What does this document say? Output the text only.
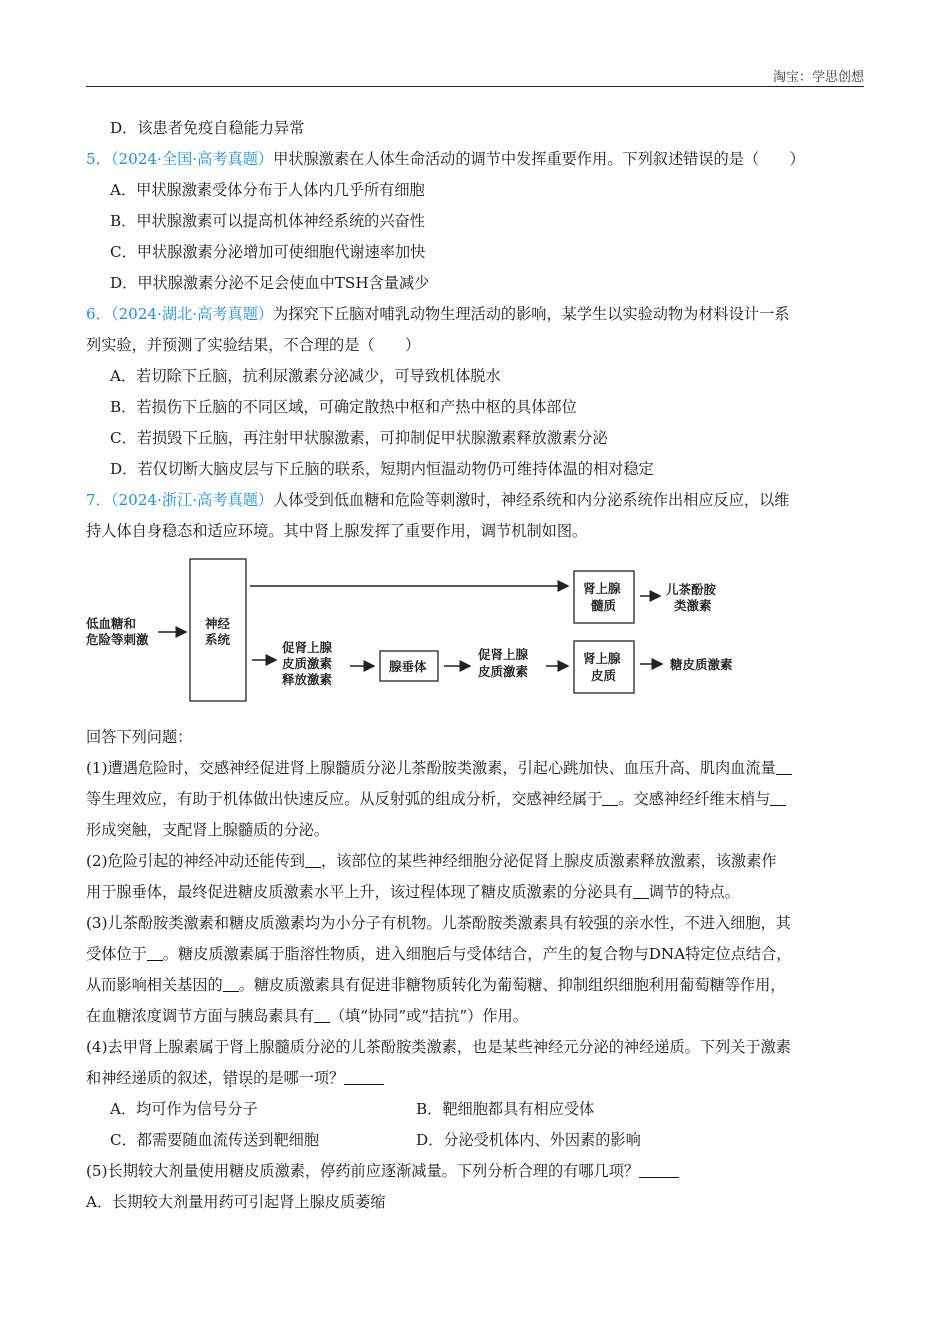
淘宝：学思创想
D．该患者免疫自稳能力异常
5．（2024·全国·高考真题）甲状腺激素在人体生命活动的调节中发挥重要作用。下列叙述错误的是（　　）
A．甲状腺激素受体分布于人体内几乎所有细胞
B．甲状腺激素可以提高机体神经系统的兴奋性
C．甲状腺激素分泌增加可使细胞代谢速率加快
D．甲状腺激素分泌不足会使血中TSH含量减少
6．（2024·湖北·高考真题）为探究下丘脑对哺乳动物生理活动的影响，某学生以实验动物为材料设计一系
列实验，并预测了实验结果，不合理的是（　　）
A．若切除下丘脑，抗利尿激素分泌减少，可导致机体脱水
B．若损伤下丘脑的不同区域，可确定散热中枢和产热中枢的具体部位
C．若损毁下丘脑，再注射甲状腺激素，可抑制促甲状腺激素释放激素分泌
D．若仅切断大脑皮层与下丘脑的联系，短期内恒温动物仍可维持体温的相对稳定
7．（2024·浙江·高考真题）人体受到低血糖和危险等刺激时，神经系统和内分泌系统作出相应反应，以维
持人体自身稳态和适应环境。其中肾上腺发挥了重要作用，调节机制如图。
低血糖和
危险等刺激
神经
系统
肾上腺
髓质
儿茶酚胺
类激素
促肾上腺
皮质激素
释放激素
腺垂体
促肾上腺
皮质激素
肾上腺
皮质
糖皮质激素
回答下列问题：
(1)遭遇危险时，交感神经促进肾上腺髓质分泌儿茶酚胺类激素，引起心跳加快、血压升高、肌肉血流量
等生理效应，有助于机体做出快速反应。从反射弧的组成分析，交感神经属于 。交感神经纤维末梢与
形成突触，支配肾上腺髓质的分泌。
(2)危险引起的神经冲动还能传到 ，该部位的某些神经细胞分泌促肾上腺皮质激素释放激素，该激素作
用于腺垂体，最终促进糖皮质激素水平上升，该过程体现了糖皮质激素的分泌具有 调节的特点。
(3)儿茶酚胺类激素和糖皮质激素均为小分子有机物。儿茶酚胺类激素具有较强的亲水性，不进入细胞，其
受体位于 。糖皮质激素属于脂溶性物质，进入细胞后与受体结合，产生的复合物与DNA特定位点结合，
从而影响相关基因的 。糖皮质激素具有促进非糖物质转化为葡萄糖、抑制组织细胞利用葡萄糖等作用，
在血糖浓度调节方面与胰岛素具有 （填“协同”或“拮抗”）作用。
(4)去甲肾上腺素属于肾上腺髓质分泌的儿茶酚胺类激素，也是某些神经元分泌的神经递质。下列关于激素
和神经递质的叙述，错误的是哪一项？
A．均可作为信号分子	B．靶细胞都具有相应受体
C．都需要随血流传送到靶细胞	D．分泌受机体内、外因素的影响
(5)长期较大剂量使用糖皮质激素，停药前应逐渐减量。下列分析合理的有哪几项？
A．长期较大剂量用药可引起肾上腺皮质萎缩
